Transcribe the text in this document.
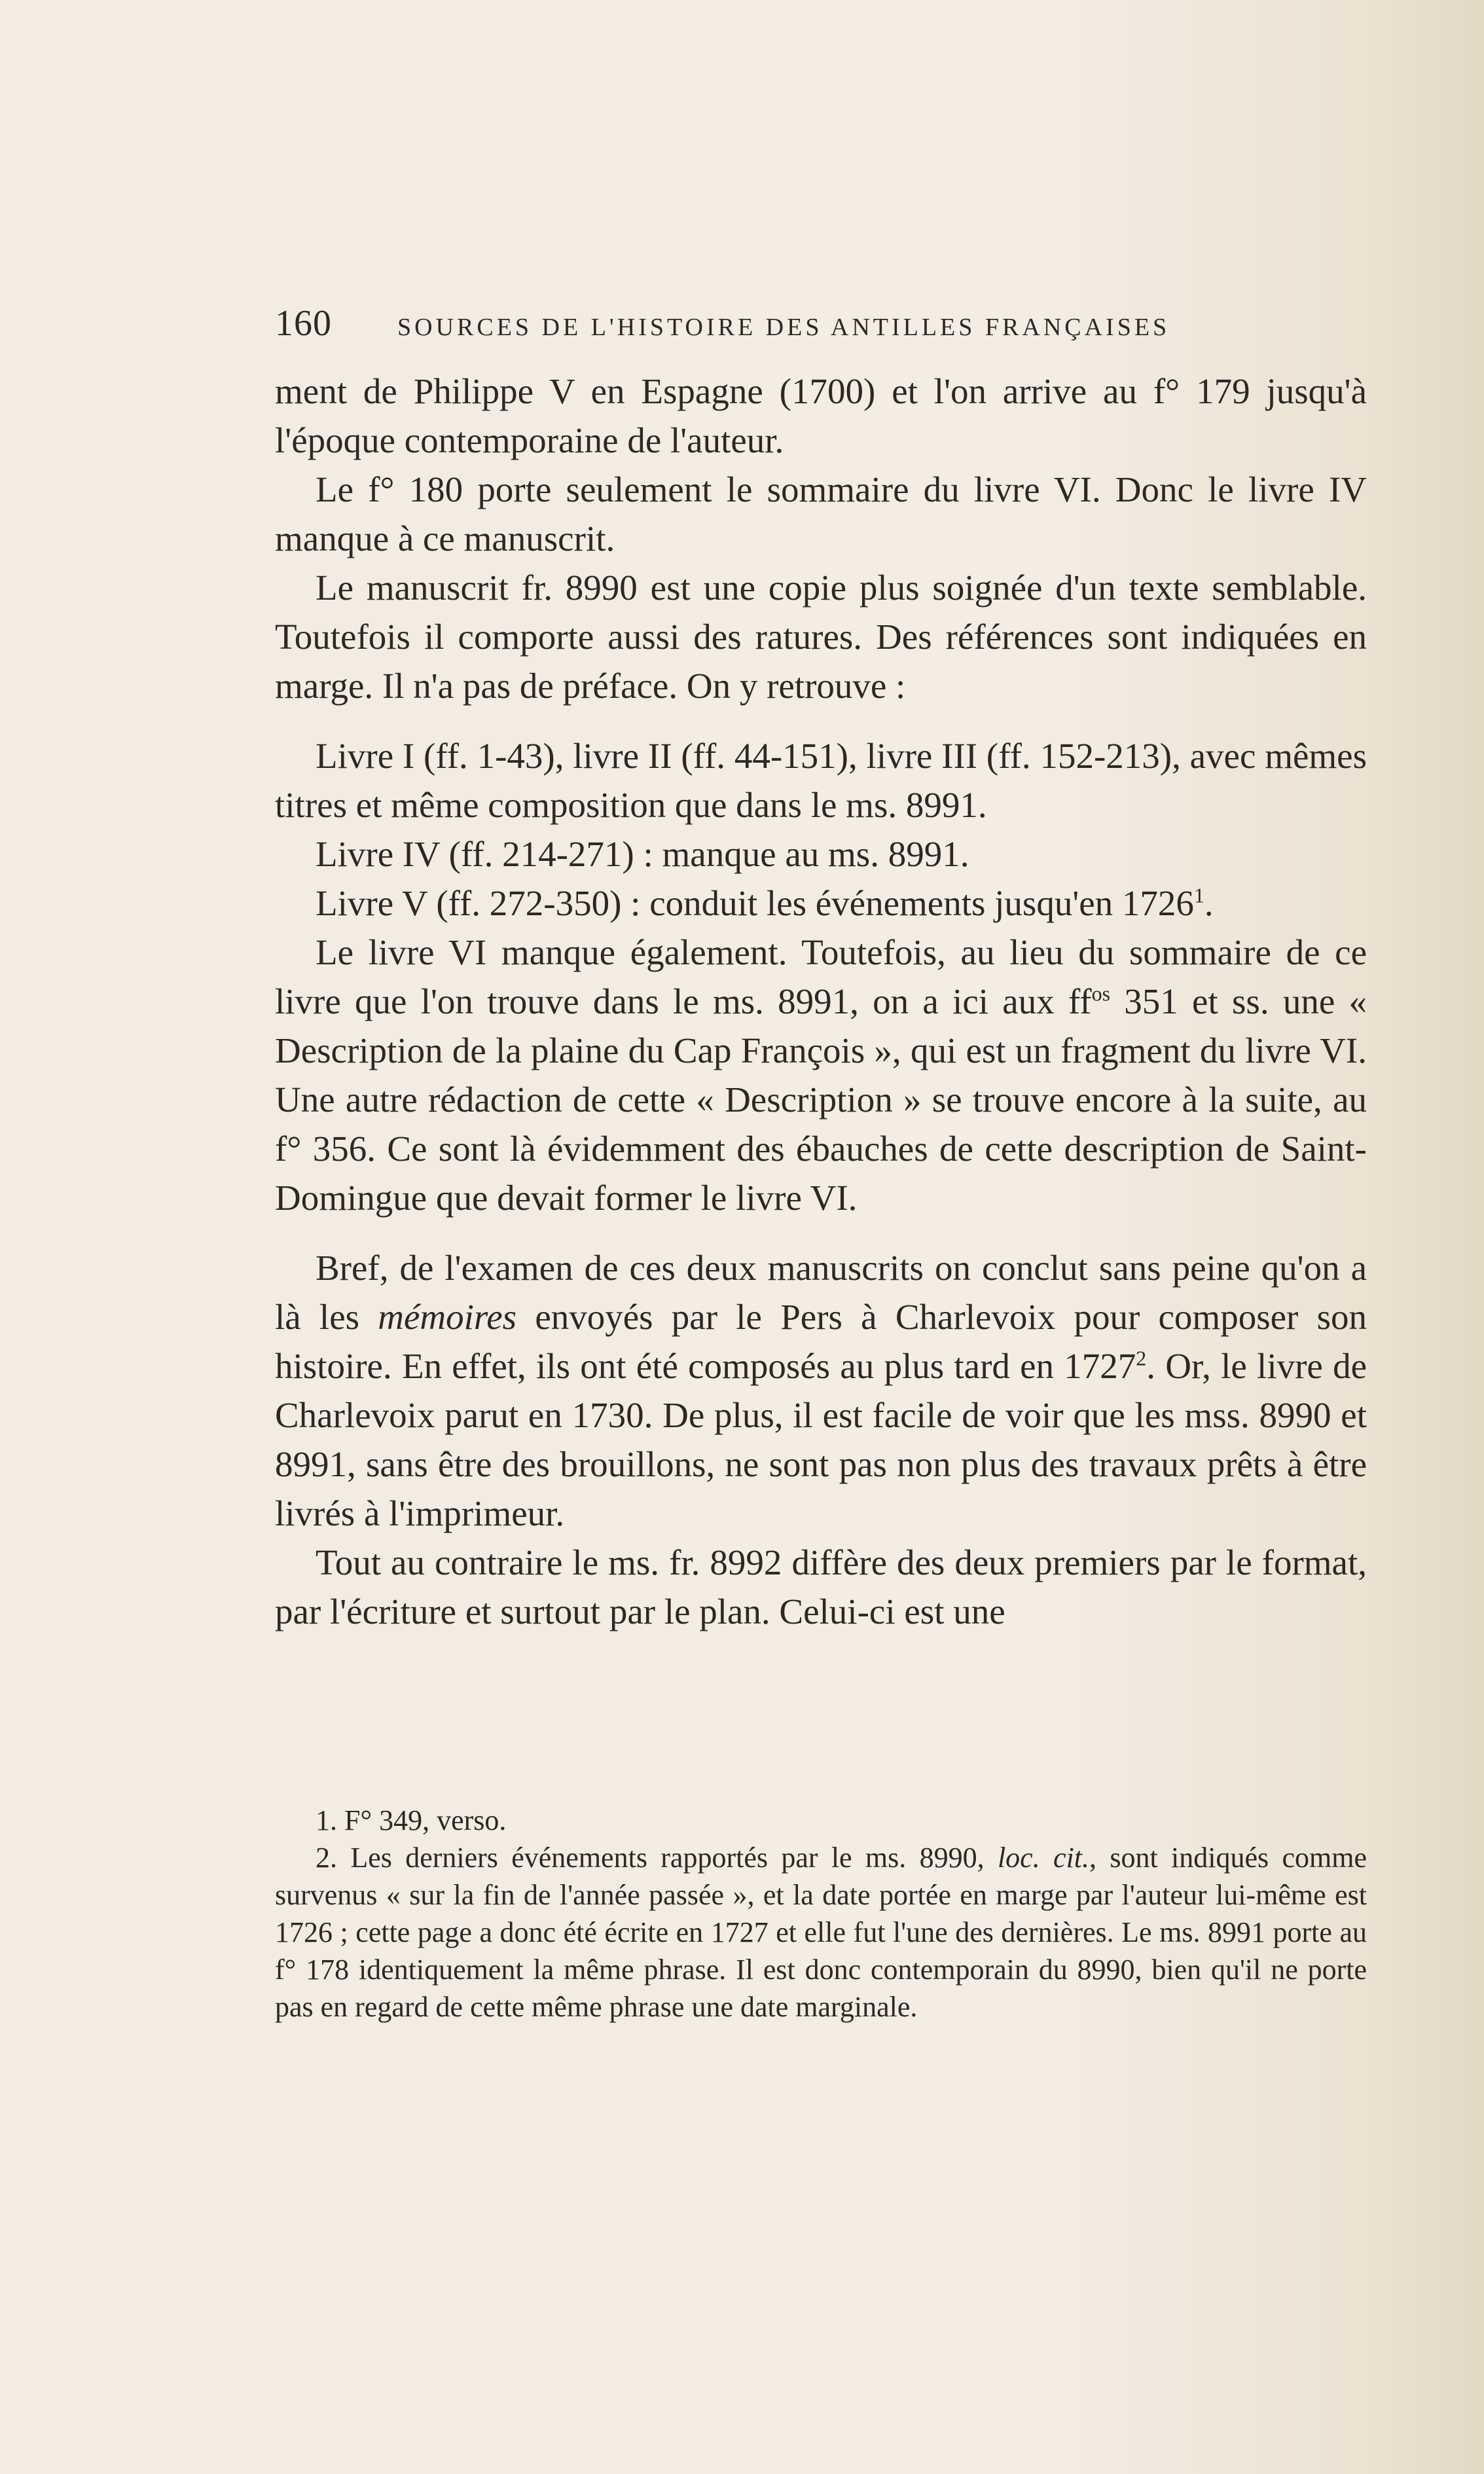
160	SOURCES DE L'HISTOIRE DES ANTILLES FRANÇAISES

ment de Philippe V en Espagne (1700) et l'on arrive au f° 179 jusqu'à l'époque contemporaine de l'auteur.

Le f° 180 porte seulement le sommaire du livre VI. Donc le livre IV manque à ce manuscrit.

Le manuscrit fr. 8990 est une copie plus soignée d'un texte semblable. Toutefois il comporte aussi des ratures. Des références sont indiquées en marge. Il n'a pas de préface. On y retrouve :

Livre I (ff. 1-43), livre II (ff. 44-151), livre III (ff. 152-213), avec mêmes titres et même composition que dans le ms. 8991.

Livre IV (ff. 214-271) : manque au ms. 8991.

Livre V (ff. 272-350) : conduit les événements jusqu'en 1726$^1$.

Le livre VI manque également. Toutefois, au lieu du sommaire de ce livre que l'on trouve dans le ms. 8991, on a ici aux $ff^{os}$ 351 et ss. une « Description de la plaine du Cap François », qui est un fragment du livre VI. Une autre rédaction de cette « Description » se trouve encore à la suite, au f° 356. Ce sont là évidemment des ébauches de cette description de Saint-Domingue que devait former le livre VI.

Bref, de l'examen de ces deux manuscrits on conclut sans peine qu'on a là les mémoires envoyés par le Pers à Charlevoix pour composer son histoire. En effet, ils ont été composés au plus tard en 1727$^2$. Or, le livre de Charlevoix parut en 1730. De plus, il est facile de voir que les mss. 8990 et 8991, sans être des brouillons, ne sont pas non plus des travaux prêts à être livrés à l'imprimeur.

Tout au contraire le ms. fr. 8992 diffère des deux premiers par le format, par l'écriture et surtout par le plan. Celui-ci est une

1. F° 349, verso.

2. Les derniers événements rapportés par le ms. 8990, loc. cit., sont indiqués comme survenus « sur la fin de l'année passée », et la date portée en marge par l'auteur lui-même est 1726 ; cette page a donc été écrite en 1727 et elle fut l'une des dernières. Le ms. 8991 porte au f° 178 identiquement la même phrase. Il est donc contemporain du 8990, bien qu'il ne porte pas en regard de cette même phrase une date marginale.
